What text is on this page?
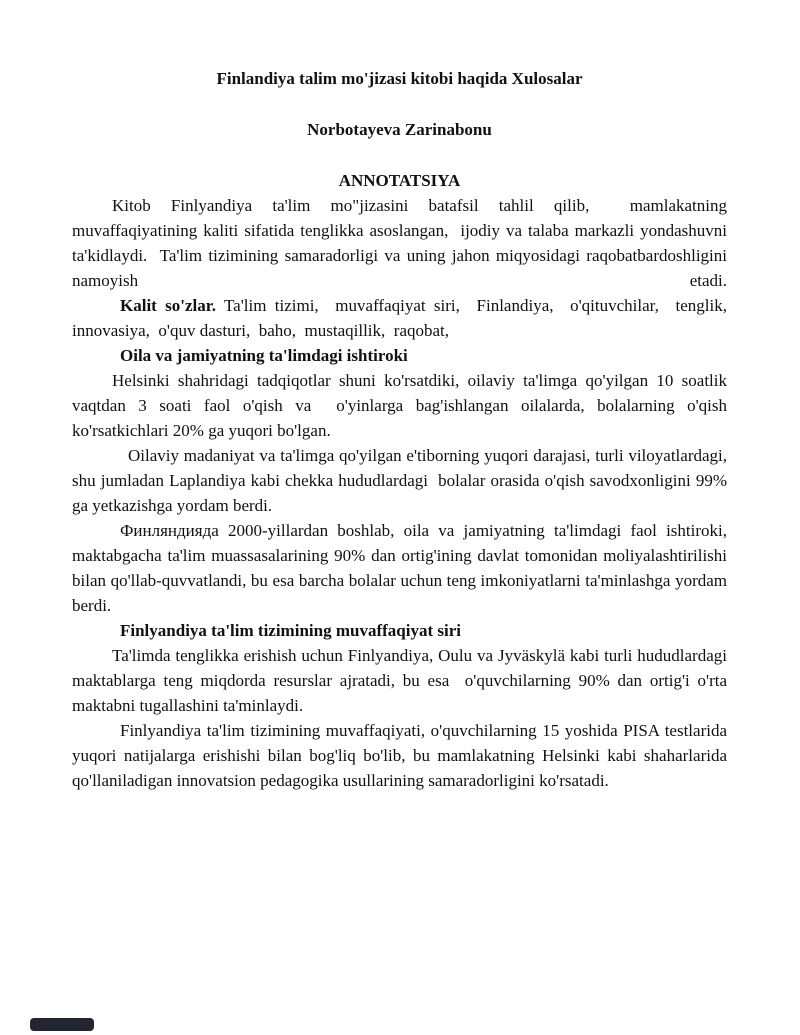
Finlandiya talim mo'jizasi kitobi haqida Xulosalar
Norbotayeva Zarinabonu
ANNOTATSIYA

Kitob Finlyandiya ta'lim mo"jizasini batafsil tahlil qilib,  mamlakatning muvaffaqiyatining kaliti sifatida tenglikka asoslangan,  ijodiy va talaba markazli yondashuvni ta'kidlaydi.  Ta'lim tizimining samaradorligi va uning jahon miqyosidagi raqobatbardoshligini namoyish etadi.

Kalit so'zlar. Ta'lim tizimi,  muvaffaqiyat siri,  Finlandiya,  o'qituvchilar,  tenglik, innovasiya,  o'quv dasturi,  baho,  mustaqillik,  raqobat,

Oila va jamiyatning ta'limdagi ishtiroki

Helsinki shahridagi tadqiqotlar shuni ko'rsatdiki, oilaviy ta'limga qo'yilgan 10 soatlik vaqtdan 3 soati faol o'qish va  o'yinlarga bag'ishlangan oilalarda, bolalarning o'qish ko'rsatkichlari 20% ga yuqori bo'lgan.

Oilaviy madaniyat va ta'limga qo'yilgan e'tiborning yuqori darajasi, turli viloyatlardagi, shu jumladan Laplandiya kabi chekka hududlardagi  bolalar orasida o'qish savodxonligini 99% ga yetkazishga yordam berdi.

Финляндияда 2000-yillardan boshlab, oila va jamiyatning ta'limdagi faol ishtiroki, maktabgacha ta'lim muassasalarining 90% dan ortig'ining davlat tomonidan moliyalashtirilishi bilan qo'llab-quvvatlandi, bu esa barcha bolalar uchun teng imkoniyatlarni ta'minlashga yordam berdi.

Finlyandiya ta'lim tizimining muvaffaqiyat siri

Ta'limda tenglikka erishish uchun Finlyandiya, Oulu va Jyväskylä kabi turli hududlardagi maktablarga teng miqdorda resurslar ajratadi, bu esa  o'quvchilarning 90% dan ortig'i o'rta maktabni tugallashini ta'minlaydi.

Finlyandiya ta'lim tizimining muvaffaqiyati, o'quvchilarning 15 yoshida PISA testlarida yuqori natijalarga erishishi bilan bog'liq bo'lib, bu mamlakatning Helsinki kabi shaharlarida qo'llaniladigan innovatsion pedagogika usullarining samaradorligini ko'rsatadi.
